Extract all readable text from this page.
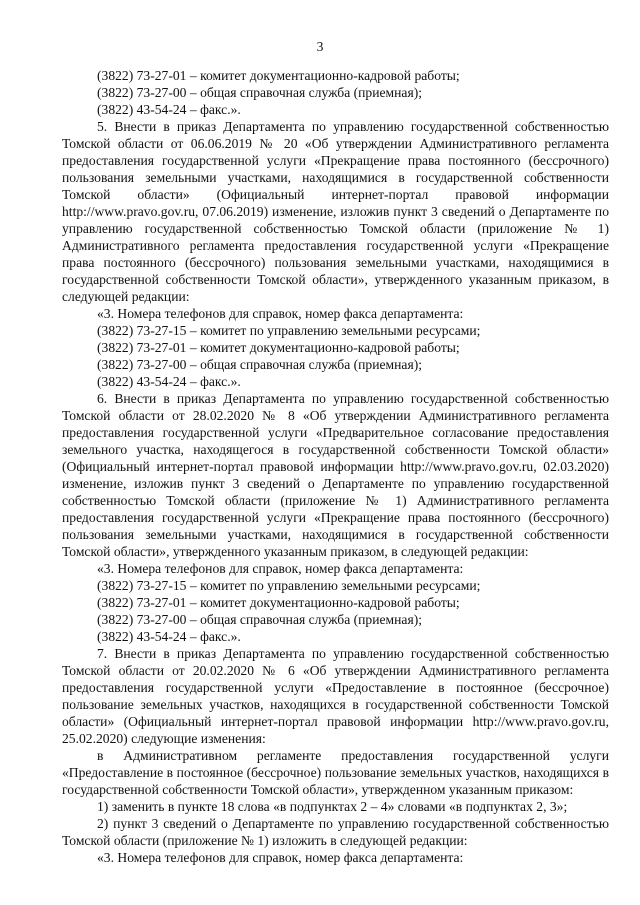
3

(3822) 73-27-01 – комитет документационно-кадровой работы;

(3822) 73-27-00 – общая справочная служба (приемная);

(3822) 43-54-24 – факс.».

5. Внести в приказ Департамента по управлению государственной собственностью Томской области от 06.06.2019 № 20 «Об утверждении Административного регламента предоставления государственной услуги «Прекращение права постоянного (бессрочного) пользования земельными участками, находящимися в государственной собственности Томской области» (Официальный интернет-портал правовой информации http://www.pravo.gov.ru, 07.06.2019) изменение, изложив пункт 3 сведений о Департаменте по управлению государственной собственностью Томской области (приложение № 1) Административного регламента предоставления государственной услуги «Прекращение права постоянного (бессрочного) пользования земельными участками, находящимися в государственной собственности Томской области», утвержденного указанным приказом, в следующей редакции:

«3. Номера телефонов для справок, номер факса департамента:

(3822) 73-27-15 – комитет по управлению земельными ресурсами;

(3822) 73-27-01 – комитет документационно-кадровой работы;

(3822) 73-27-00 – общая справочная служба (приемная);

(3822) 43-54-24 – факс.».

6. Внести в приказ Департамента по управлению государственной собственностью Томской области от 28.02.2020 № 8 «Об утверждении Административного регламента предоставления государственной услуги «Предварительное согласование предоставления земельного участка, находящегося в государственной собственности Томской области» (Официальный интернет-портал правовой информации http://www.pravo.gov.ru, 02.03.2020) изменение, изложив пункт 3 сведений о Департаменте по управлению государственной собственностью Томской области (приложение № 1) Административного регламента предоставления государственной услуги «Прекращение права постоянного (бессрочного) пользования земельными участками, находящимися в государственной собственности Томской области», утвержденного указанным приказом, в следующей редакции:

«3. Номера телефонов для справок, номер факса департамента:

(3822) 73-27-15 – комитет по управлению земельными ресурсами;

(3822) 73-27-01 – комитет документационно-кадровой работы;

(3822) 73-27-00 – общая справочная служба (приемная);

(3822) 43-54-24 – факс.».

7. Внести в приказ Департамента по управлению государственной собственностью Томской области от 20.02.2020 № 6 «Об утверждении Административного регламента предоставления государственной услуги «Предоставление в постоянное (бессрочное) пользование земельных участков, находящихся в государственной собственности Томской области» (Официальный интернет-портал правовой информации http://www.pravo.gov.ru, 25.02.2020) следующие изменения:

в Административном регламенте предоставления государственной услуги «Предоставление в постоянное (бессрочное) пользование земельных участков, находящихся в государственной собственности Томской области», утвержденном указанным приказом:

1) заменить в пункте 18 слова «в подпунктах 2 – 4» словами «в подпунктах 2, 3»;

2) пункт 3 сведений о Департаменте по управлению государственной собственностью Томской области (приложение № 1) изложить в следующей редакции:

«3. Номера телефонов для справок, номер факса департамента:
